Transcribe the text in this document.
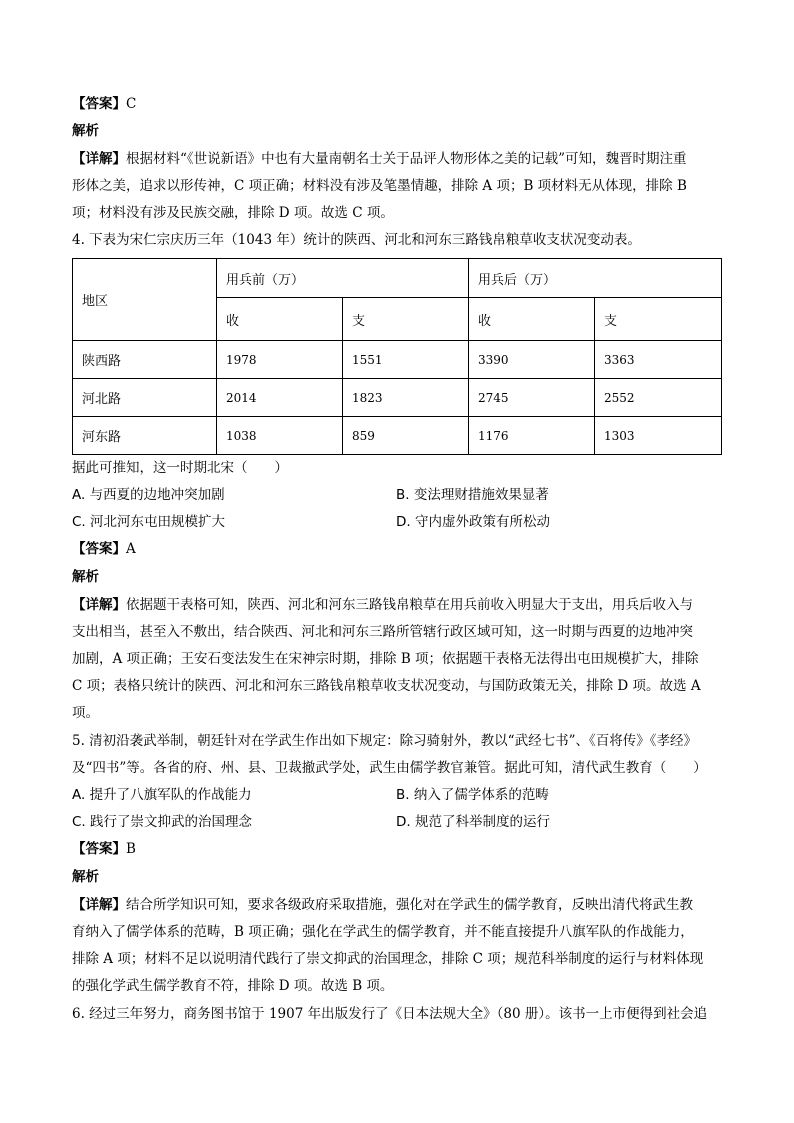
【答案】C
解析
【详解】根据材料“《世说新语》中也有大量南朝名士关于品评人物形体之美的记载”可知，魏晋时期注重
形体之美，追求以形传神，C 项正确；材料没有涉及笔墨情趣，排除 A 项；B 项材料无从体现，排除 B
项；材料没有涉及民族交融，排除 D 项。故选 C 项。
4. 下表为宋仁宗庆历三年（1043 年）统计的陕西、河北和河东三路钱帛粮草收支状况变动表。
地区	用兵前（万）		用兵后（万）	
	收	支	收	支
陕西路	1978	1551	3390	3363
河北路	2014	1823	2745	2552
河东路	1038	859	1176	1303
据此可推知，这一时期北宋（　　）
A. 与西夏的边地冲突加剧	B. 变法理财措施效果显著
C. 河北河东屯田规模扩大	D. 守内虚外政策有所松动
【答案】A
解析
【详解】依据题干表格可知，陕西、河北和河东三路钱帛粮草在用兵前收入明显大于支出，用兵后收入与
支出相当，甚至入不敷出，结合陕西、河北和河东三路所管辖行政区域可知，这一时期与西夏的边地冲突
加剧，A 项正确；王安石变法发生在宋神宗时期，排除 B 项；依据题干表格无法得出屯田规模扩大，排除
C 项；表格只统计的陕西、河北和河东三路钱帛粮草收支状况变动，与国防政策无关，排除 D 项。故选 A
项。
5. 清初沿袭武举制，朝廷针对在学武生作出如下规定：除习骑射外，教以“武经七书”、《百将传》《孝经》
及“四书”等。各省的府、州、县、卫裁撤武学处，武生由儒学教官兼管。据此可知，清代武生教育（　　）
A. 提升了八旗军队的作战能力	B. 纳入了儒学体系的范畴
C. 践行了崇文抑武的治国理念	D. 规范了科举制度的运行
【答案】B
解析
【详解】结合所学知识可知，要求各级政府采取措施，强化对在学武生的儒学教育，反映出清代将武生教
育纳入了儒学体系的范畴，B 项正确；强化在学武生的儒学教育，并不能直接提升八旗军队的作战能力，
排除 A 项；材料不足以说明清代践行了崇文抑武的治国理念，排除 C 项；规范科举制度的运行与材料体现
的强化学武生儒学教育不符，排除 D 项。故选 B 项。
6. 经过三年努力，商务图书馆于 1907 年出版发行了《日本法规大全》（80 册）。该书一上市便得到社会追
